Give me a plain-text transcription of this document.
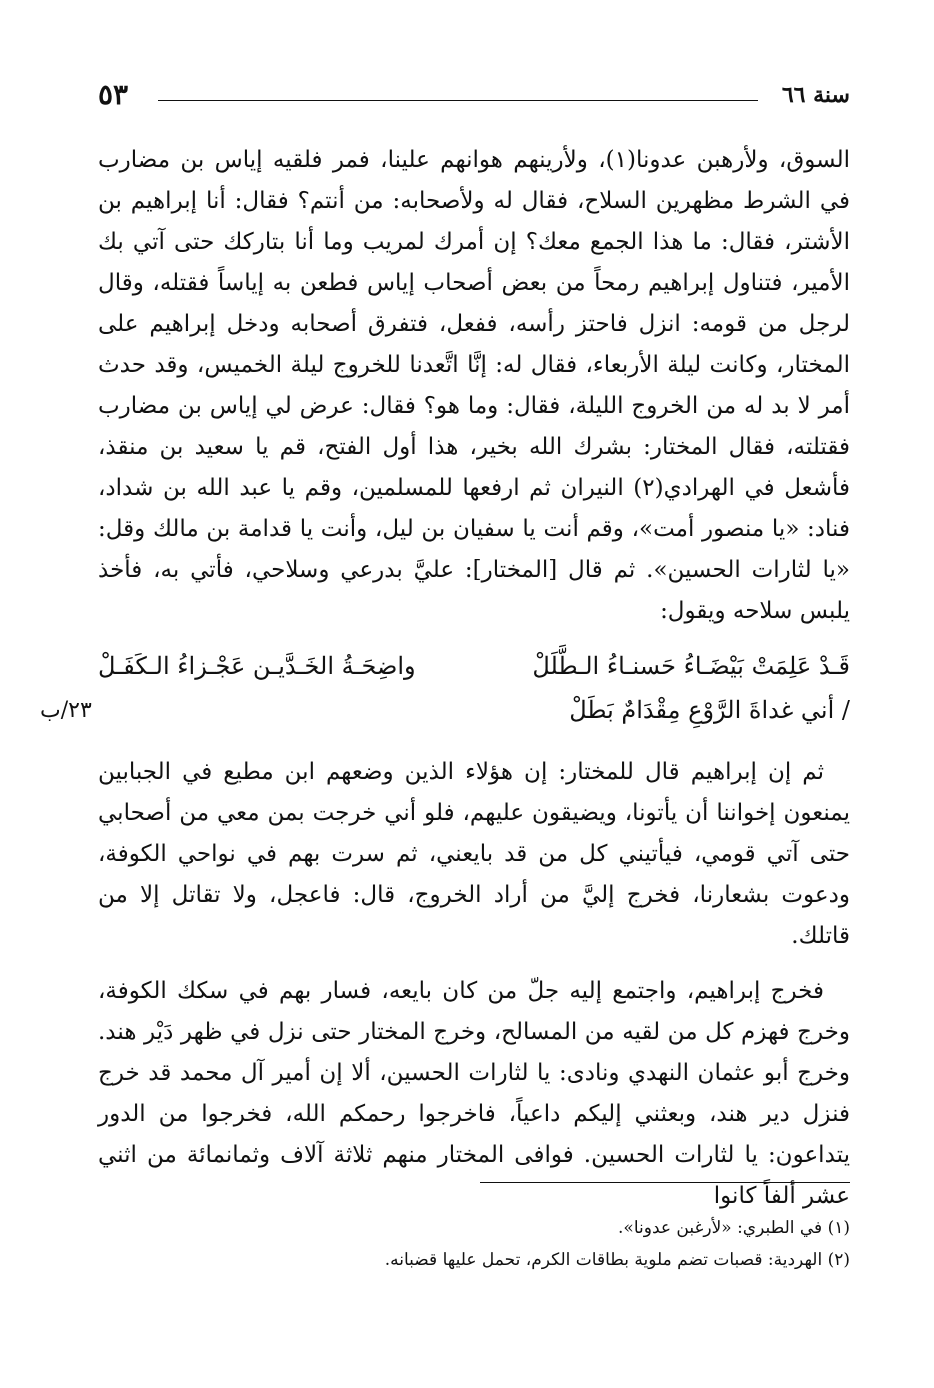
سنة ٦٦
٥٣

السوق، ولأرهبن عدونا(١)، ولأرينهم هوانهم علينا، فمر فلقيه إياس بن مضارب في الشرط مظهرين السلاح، فقال له ولأصحابه: من أنتم؟ فقال: أنا إبراهيم بن الأشتر، فقال: ما هذا الجمع معك؟ إن أمرك لمريب وما أنا بتاركك حتى آتي بك الأمير، فتناول إبراهيم رمحاً من بعض أصحاب إياس فطعن به إياساً فقتله، وقال لرجل من قومه: انزل فاحتز رأسه، ففعل، فتفرق أصحابه ودخل إبراهيم على المختار، وكانت ليلة الأربعاء، فقال له: إنَّا اتَّعدنا للخروج ليلة الخميس، وقد حدث أمر لا بد له من الخروج الليلة، فقال: وما هو؟ فقال: عرض لي إياس بن مضارب فقتلته، فقال المختار: بشرك الله بخير، هذا أول الفتح، قم يا سعيد بن منقذ، فأشعل في الهرادي(٢) النيران ثم ارفعها للمسلمين، وقم يا عبد الله بن شداد، فناد: «يا منصور أمت»، وقم أنت يا سفيان بن ليل، وأنت يا قدامة بن مالك وقل: «يا لثارات الحسين». ثم قال [المختار]: عليَّ بدرعي وسلاحي، فأتي به، فأخذ يلبس سلاحه ويقول:

قَـدْ عَلِمَتْ بَيْضَـاءُ حَسنـاءُ الـطَّلَلْ
واضِحَـةُ الخَـدَّيـن عَجْـزاءُ الـكَفَـلْ
/ أني غداةَ الرَّوْعِ مِقْدَامٌ بَطَلْ
٢٣/ب

ثم إن إبراهيم قال للمختار: إن هؤلاء الذين وضعهم ابن مطيع في الجبابين يمنعون إخواننا أن يأتونا، ويضيقون عليهم، فلو أني خرجت بمن معي من أصحابي حتى آتي قومي، فيأتيني كل من قد بايعني، ثم سرت بهم في نواحي الكوفة، ودعوت بشعارنا، فخرج إليَّ من أراد الخروج، قال: فاعجل، ولا تقاتل إلا من قاتلك.

فخرج إبراهيم، واجتمع إليه جلّ من كان بايعه، فسار بهم في سكك الكوفة، وخرج فهزم كل من لقيه من المسالح، وخرج المختار حتى نزل في ظهر دَيْر هند. وخرج أبو عثمان النهدي ونادى: يا لثارات الحسين، ألا إن أمير آل محمد قد خرج فنزل دير هند، وبعثني إليكم داعياً، فاخرجوا رحمكم الله، فخرجوا من الدور يتداعون: يا لثارات الحسين. فوافى المختار منهم ثلاثة آلاف وثمانمائة من اثني عشر ألفاً كانوا

(١) في الطبري: «لأرغبن عدونا».

(٢) الهردية: قصبات تضم ملوية بطاقات الكرم، تحمل عليها قضبانه.
